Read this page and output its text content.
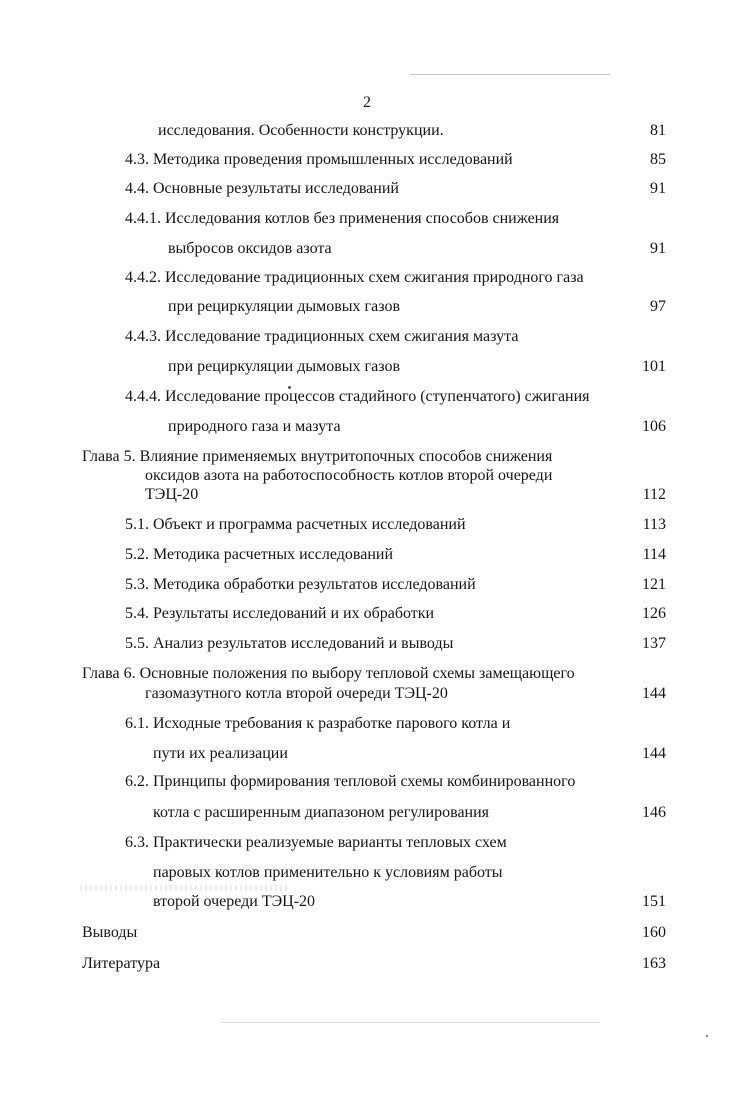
2
исследования. Особенности конструкции.	81
4.3. Методика проведения промышленных исследований	85
4.4. Основные результаты исследований	91
4.4.1. Исследования котлов без применения способов снижения
выбросов оксидов азота	91
4.4.2. Исследование традиционных схем сжигания природного газа
при рециркуляции дымовых газов	97
4.4.3. Исследование традиционных схем сжигания мазута
при рециркуляции дымовых газов	101
4.4.4. Исследование процессов стадийного (ступенчатого) сжигания
природного газа и мазута	106
Глава 5. Влияние применяемых внутритопочных способов снижения
оксидов азота на работоспособность котлов второй очереди
ТЭЦ-20	112
5.1. Объект и программа расчетных исследований	113
5.2. Методика расчетных исследований	114
5.3. Методика обработки результатов исследований	121
5.4. Результаты исследований и их обработки	126
5.5. Анализ результатов исследований и выводы	137
Глава 6. Основные положения по выбору тепловой схемы замещающего
газомазутного котла второй очереди ТЭЦ-20	144
6.1. Исходные требования к разработке парового котла и
пути их реализации	144
6.2. Принципы формирования тепловой схемы комбинированного
котла с расширенным диапазоном регулирования	146
6.3. Практически реализуемые варианты тепловых схем
паровых котлов применительно к условиям работы
второй очереди ТЭЦ-20	151
Выводы	160
Литература	163
